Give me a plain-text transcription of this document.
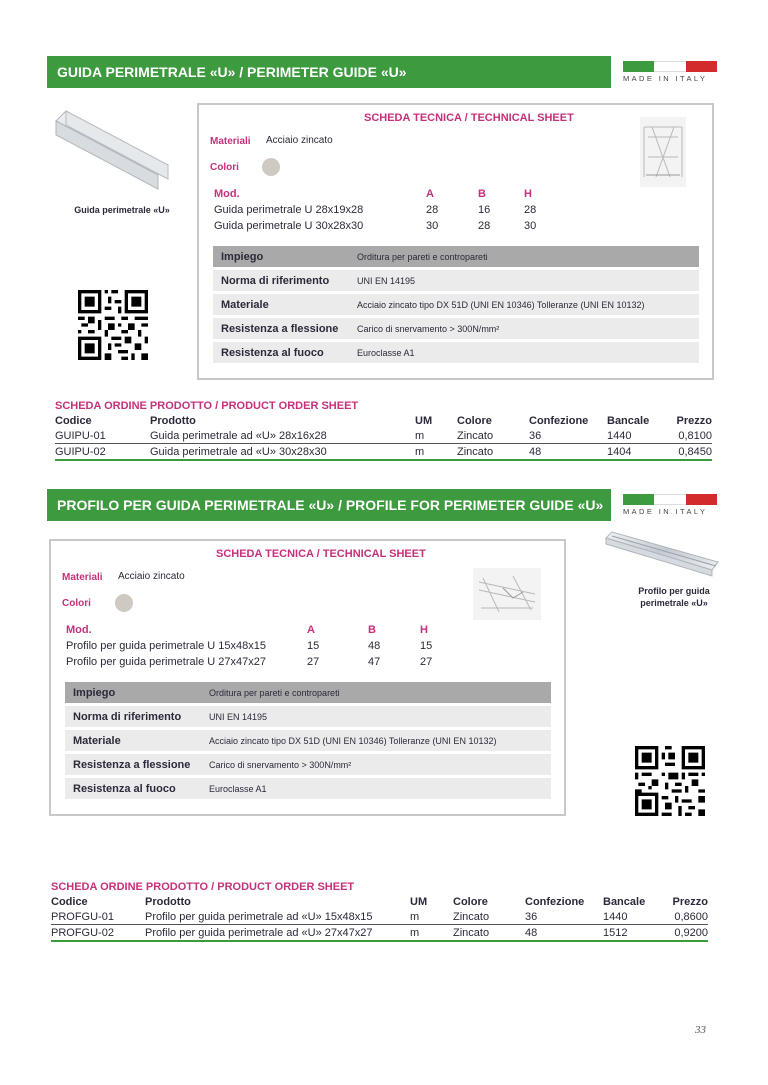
GUIDA PERIMETRALE «U» / PERIMETER GUIDE «U»	MADE IN ITALY
Guida perimetrale «U»
SCHEDA TECNICA / TECHNICAL SHEET
Materiali Acciaio zincato
Colori
Mod.	A	B	H
Guida perimetrale U 28x19x28	28	16	28
Guida perimetrale U 30x28x30	30	28	30
Impiego	Orditura per pareti e contropareti
Norma di riferimento	UNI EN 14195
Materiale	Acciaio zincato tipo DX 51D (UNI EN 10346) Tolleranze (UNI EN 10132)
Resistenza a flessione	Carico di snervamento > 300N/mm²
Resistenza al fuoco	Euroclasse A1
SCHEDA ORDINE PRODOTTO / PRODUCT ORDER SHEET						
Codice	Prodotto	UM	Colore	Confezione	Bancale	Prezzo
GUIPU-01	Guida perimetrale ad «U» 28x16x28	m	Zincato	36	1440	0,8100
GUIPU-02	Guida perimetrale ad «U» 30x28x30	m	Zincato	48	1404	0,8450
PROFILO PER GUIDA PERIMETRALE «U» / PROFILE FOR PERIMETER GUIDE «U»	MADE IN ITALY
SCHEDA TECNICA / TECHNICAL SHEET
Materiali Acciaio zincato
Colori
Mod.	A	B	H
Profilo per guida perimetrale U 15x48x15	15	48	15
Profilo per guida perimetrale U 27x47x27	27	47	27
Impiego	Orditura per pareti e contropareti
Norma di riferimento	UNI EN 14195
Materiale	Acciaio zincato tipo DX 51D (UNI EN 10346) Tolleranze (UNI EN 10132)
Resistenza a flessione	Carico di snervamento > 300N/mm²
Resistenza al fuoco	Euroclasse A1
Profilo per guida perimetrale «U»
SCHEDA ORDINE PRODOTTO / PRODUCT ORDER SHEET						
Codice	Prodotto	UM	Colore	Confezione	Bancale	Prezzo
PROFGU-01	Profilo per guida perimetrale ad «U» 15x48x15	m	Zincato	36	1440	0,8600
PROFGU-02	Profilo per guida perimetrale ad «U» 27x47x27	m	Zincato	48	1512	0,9200
33
